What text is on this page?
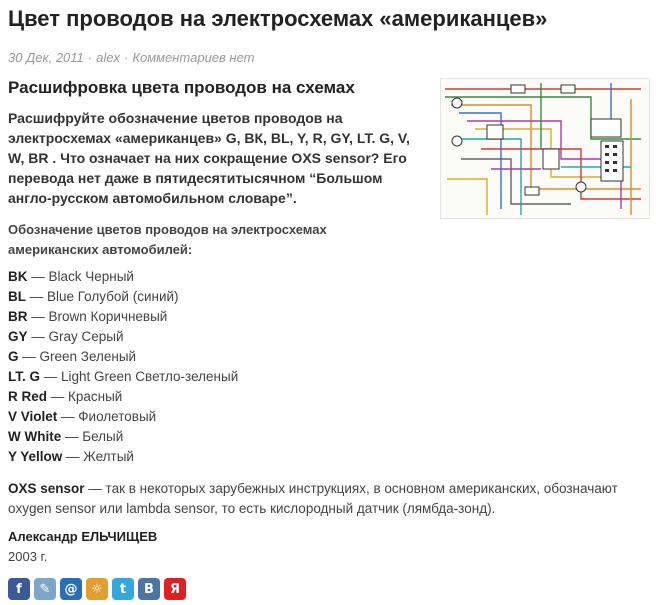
Цвет проводов на электросхемах «американцев»
30 Дек, 2011 · alex · Комментариев нет
Расшифровка цвета проводов на схемах
Расшифруйте обозначение цветов проводов на электросхемах «американцев» G, ВК, BL, Y, R, GY, LT. G, V, W, BR . Что означает на них сокращение OXS sensor? Его перевода нет даже в пятидесятитысячном “Большом англо-русском автомобильном словаре”.
Обозначение цветов проводов на электросхемах американских автомобилей:
BK — Black Черный
BL — Blue Голубой (синий)
BR — Brown Коричневый
GY — Gray Серый
G — Green Зеленый
LT. G — Light Green Светло-зеленый
R Red — Красный
V Violet — Фиолетовый
W White — Белый
Y Yellow — Желтый
OXS sensor — так в некоторых зарубежных инструкциях, в основном американских, обозначают oxygen sensor или lambda sensor, то есть кислородный датчик (лямбда-зонд).
Александр ЕЛЬЧИЩЕВ
2003 г.
f	✎	@	☼	t	B	Я
